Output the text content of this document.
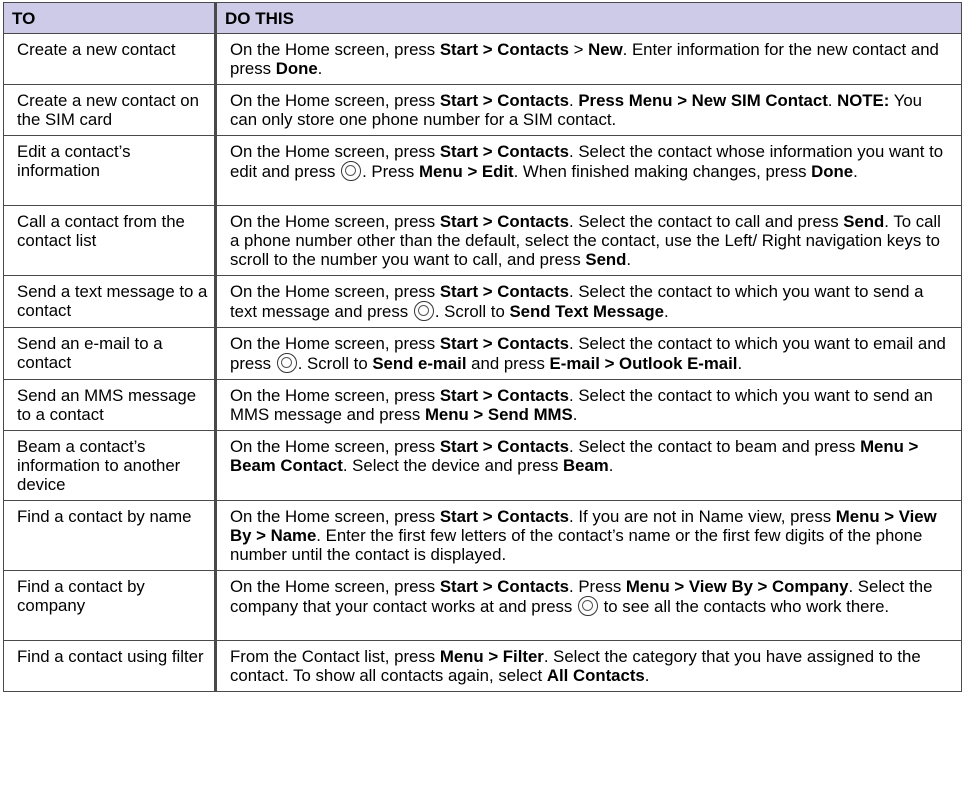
TO	DO THIS
Create a new contact	On the Home screen, press Start > Contacts > New. Enter information for the new contact and press Done.
Create a new contact on the SIM card	On the Home screen, press Start > Contacts. Press Menu > New SIM Contact. NOTE: You can only store one phone number for a SIM contact.
Edit a contact’s information	On the Home screen, press Start > Contacts. Select the contact whose information you want to edit and press . Press Menu > Edit. When finished making changes, press Done.
Call a contact from the contact list	On the Home screen, press Start > Contacts. Select the contact to call and press Send. To call a phone number other than the default, select the contact, use the Left/ Right navigation keys to scroll to the number you want to call, and press Send.
Send a text message to a contact	On the Home screen, press Start > Contacts. Select the contact to which you want to send a text message and press . Scroll to Send Text Message.
Send an e-mail to a contact	On the Home screen, press Start > Contacts. Select the contact to which you want to email and press . Scroll to Send e-mail and press E-mail > Outlook E-mail.
Send an MMS message to a contact	On the Home screen, press Start > Contacts. Select the contact to which you want to send an MMS message and press Menu > Send MMS.
Beam a contact’s information to another device	On the Home screen, press Start > Contacts. Select the contact to beam and press Menu > Beam Contact. Select the device and press Beam.
Find a contact by name	On the Home screen, press Start > Contacts. If you are not in Name view, press Menu > View By > Name. Enter the first few letters of the contact’s name or the first few digits of the phone number until the contact is displayed.
Find a contact by company	On the Home screen, press Start > Contacts. Press Menu > View By > Company. Select the company that your contact works at and press  to see all the contacts who work there.
Find a contact using filter	From the Contact list, press Menu > Filter. Select the category that you have assigned to the contact. To show all contacts again, select All Contacts.
